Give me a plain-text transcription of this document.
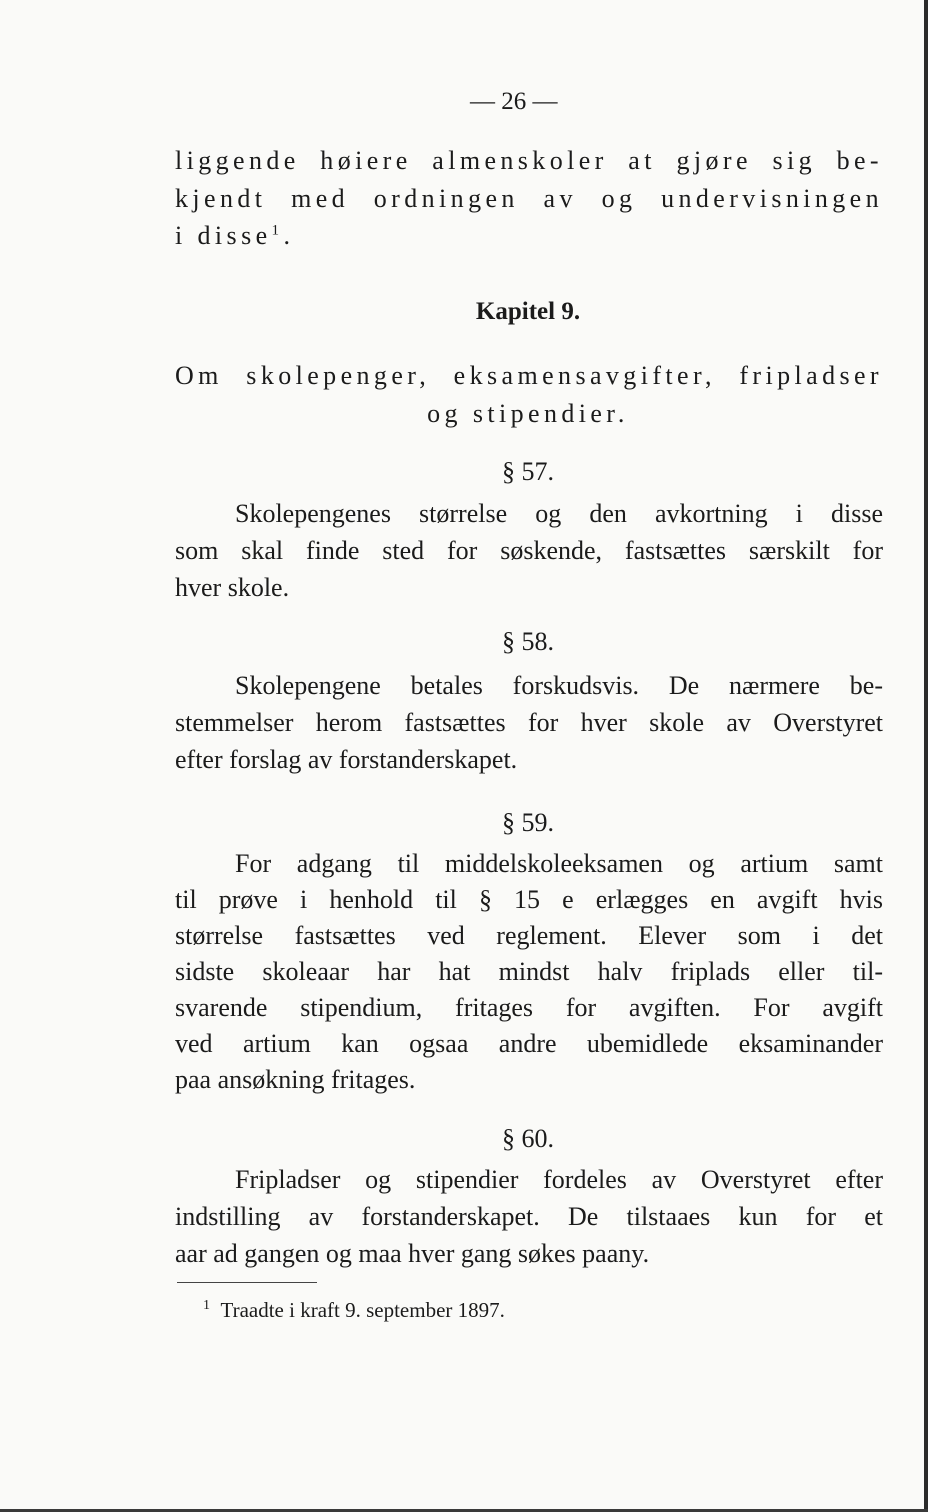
— 26 —

liggende høiere almenskoler at gjøre sig be-

kjendt med ordningen av og undervisningen

i disse$^1$.

Kapitel 9.

Om skolepenger, eksamensavgifter, fripladser

og stipendier.

§ 57.

Skolepengenes størrelse og den avkortning i disse

som skal finde sted for søskende, fastsættes særskilt for

hver skole.

§ 58.

Skolepengene betales forskudsvis. De nærmere be-

stemmelser herom fastsættes for hver skole av Overstyret

efter forslag av forstanderskapet.

§ 59.

For adgang til middelskoleeksamen og artium samt

til prøve i henhold til § 15 e erlægges en avgift hvis

størrelse fastsættes ved reglement. Elever som i det

sidste skoleaar har hat mindst halv friplads eller til-

svarende stipendium, fritages for avgiften. For avgift

ved artium kan ogsaa andre ubemidlede eksaminander

paa ansøkning fritages.

§ 60.

Fripladser og stipendier fordeles av Overstyret efter

indstilling av forstanderskapet. De tilstaaes kun for et

aar ad gangen og maa hver gang søkes paany.

$^1$ Traadte i kraft 9. september 1897.
